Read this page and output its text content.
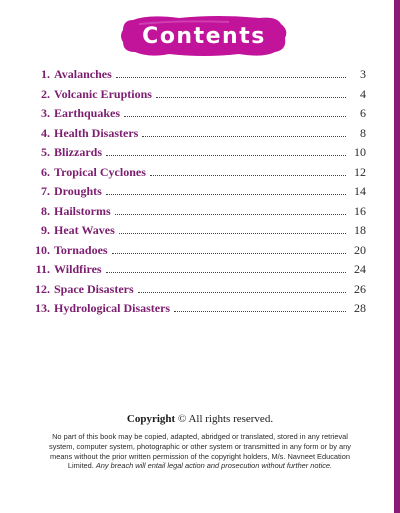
Contents
1. Avalanches	3
2. Volcanic Eruptions	4
3. Earthquakes	6
4. Health Disasters	8
5. Blizzards	10
6. Tropical Cyclones	12
7. Droughts	14
8. Hailstorms	16
9. Heat Waves	18
10. Tornadoes	20
11. Wildfires	24
12. Space Disasters	26
13. Hydrological Disasters	28
Copyright © All rights reserved.
No part of this book may be copied, adapted, abridged or translated, stored in any retrieval system, computer system, photographic or other system or transmitted in any form or by any means without the prior written permission of the copyright holders, M/s. Navneet Education Limited. Any breach will entail legal action and prosecution without further notice.
